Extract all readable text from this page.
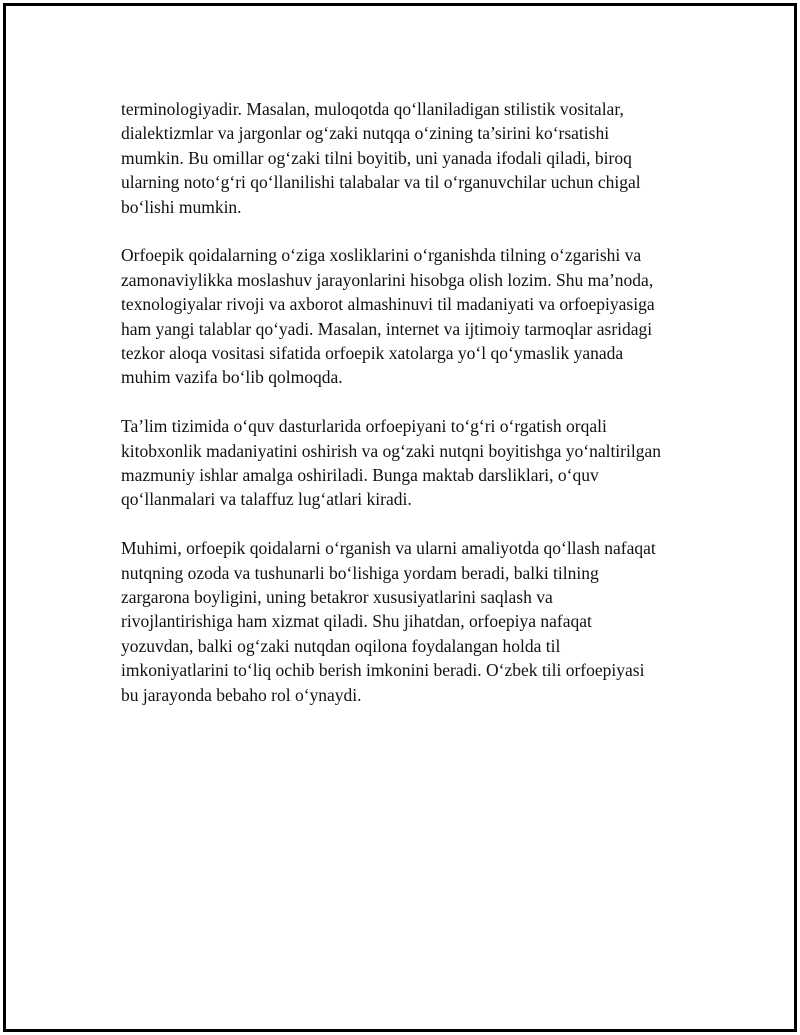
terminologiyadir. Masalan, muloqotda qo‘llaniladigan stilistik vositalar,
dialektizmlar va jargonlar og‘zaki nutqqa o‘zining ta’sirini ko‘rsatishi
mumkin. Bu omillar og‘zaki tilni boyitib, uni yanada ifodali qiladi, biroq
ularning noto‘g‘ri qo‘llanilishi talabalar va til o‘rganuvchilar uchun chigal
bo‘lishi mumkin.

Orfoepik qoidalarning o‘ziga xosliklarini o‘rganishda tilning o‘zgarishi va
zamonaviylikka moslashuv jarayonlarini hisobga olish lozim. Shu ma’noda,
texnologiyalar rivoji va axborot almashinuvi til madaniyati va orfoepiyasiga
ham yangi talablar qo‘yadi. Masalan, internet va ijtimoiy tarmoqlar asridagi
tezkor aloqa vositasi sifatida orfoepik xatolarga yo‘l qo‘ymaslik yanada
muhim vazifa bo‘lib qolmoqda.

Ta’lim tizimida o‘quv dasturlarida orfoepiyani to‘g‘ri o‘rgatish orqali
kitobxonlik madaniyatini oshirish va og‘zaki nutqni boyitishga yo‘naltirilgan
mazmuniy ishlar amalga oshiriladi. Bunga maktab darsliklari, o‘quv
qo‘llanmalari va talaffuz lug‘atlari kiradi.

Muhimi, orfoepik qoidalarni o‘rganish va ularni amaliyotda qo‘llash nafaqat
nutqning ozoda va tushunarli bo‘lishiga yordam beradi, balki tilning
zargarona boyligini, uning betakror xususiyatlarini saqlash va
rivojlantirishiga ham xizmat qiladi. Shu jihatdan, orfoepiya nafaqat
yozuvdan, balki og‘zaki nutqdan oqilona foydalangan holda til
imkoniyatlarini to‘liq ochib berish imkonini beradi. O‘zbek tili orfoepiyasi
bu jarayonda bebaho rol o‘ynaydi.
